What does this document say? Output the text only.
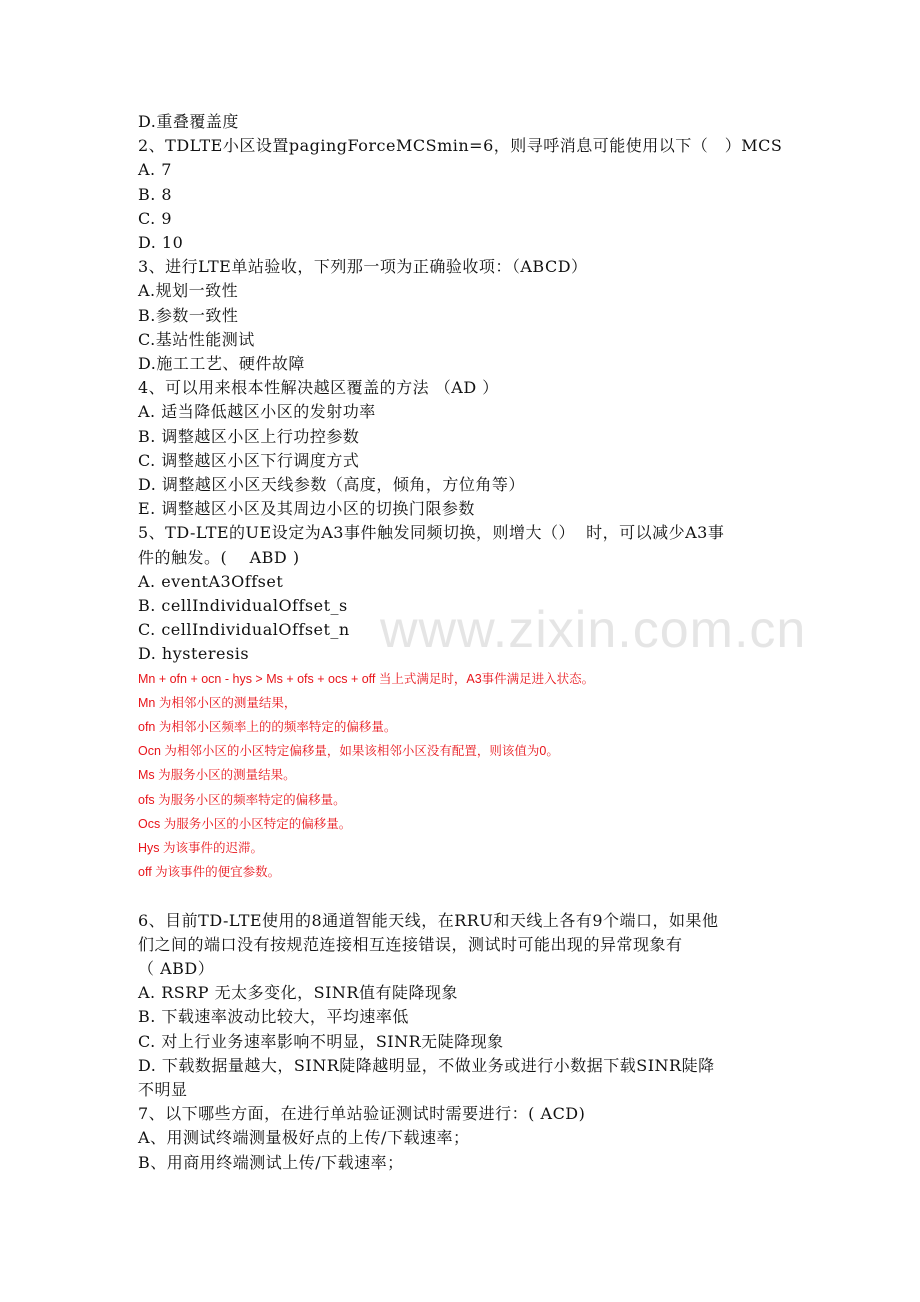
www.zixin.com.cn
D.重叠覆盖度
2、TDLTE小区设置pagingForceMCSmin=6，则寻呼消息可能使用以下（　）MCS
A. 7
B. 8
C. 9
D. 10
3、进行LTE单站验收，下列那一项为正确验收项：（ABCD）
A.规划一致性
B.参数一致性
C.基站性能测试
D.施工工艺、硬件故障
4、可以用来根本性解决越区覆盖的方法 （AD ）
A. 适当降低越区小区的发射功率
B. 调整越区小区上行功控参数
C. 调整越区小区下行调度方式
D. 调整越区小区天线参数（高度，倾角，方位角等）
E. 调整越区小区及其周边小区的切换门限参数
5、TD-LTE的UE设定为A3事件触发同频切换，则增大（）  时，可以减少A3事
件的触发。(    ABD )
A. eventA3Offset
B. cellIndividualOffset_s
C. cellIndividualOffset_n
D. hysteresis
Mn + ofn + ocn - hys > Ms + ofs + ocs + off 当上式满足时，A3事件满足进入状态。
Mn 为相邻小区的测量结果，
ofn 为相邻小区频率上的的频率特定的偏移量。
Ocn 为相邻小区的小区特定偏移量，如果该相邻小区没有配置，则该值为0。
Ms 为服务小区的测量结果。
ofs 为服务小区的频率特定的偏移量。
Ocs 为服务小区的小区特定的偏移量。
Hys 为该事件的迟滞。
off 为该事件的便宜参数。
6、目前TD-LTE使用的8通道智能天线，在RRU和天线上各有9个端口，如果他
们之间的端口没有按规范连接相互连接错误，测试时可能出现的异常现象有
（ ABD）
A. RSRP 无太多变化，SINR值有陡降现象
B. 下载速率波动比较大，平均速率低
C. 对上行业务速率影响不明显，SINR无陡降现象
D. 下载数据量越大，SINR陡降越明显，不做业务或进行小数据下载SINR陡降
不明显
7、以下哪些方面，在进行单站验证测试时需要进行：( ACD)
A、用测试终端测量极好点的上传/下载速率；
B、用商用终端测试上传/下载速率；
